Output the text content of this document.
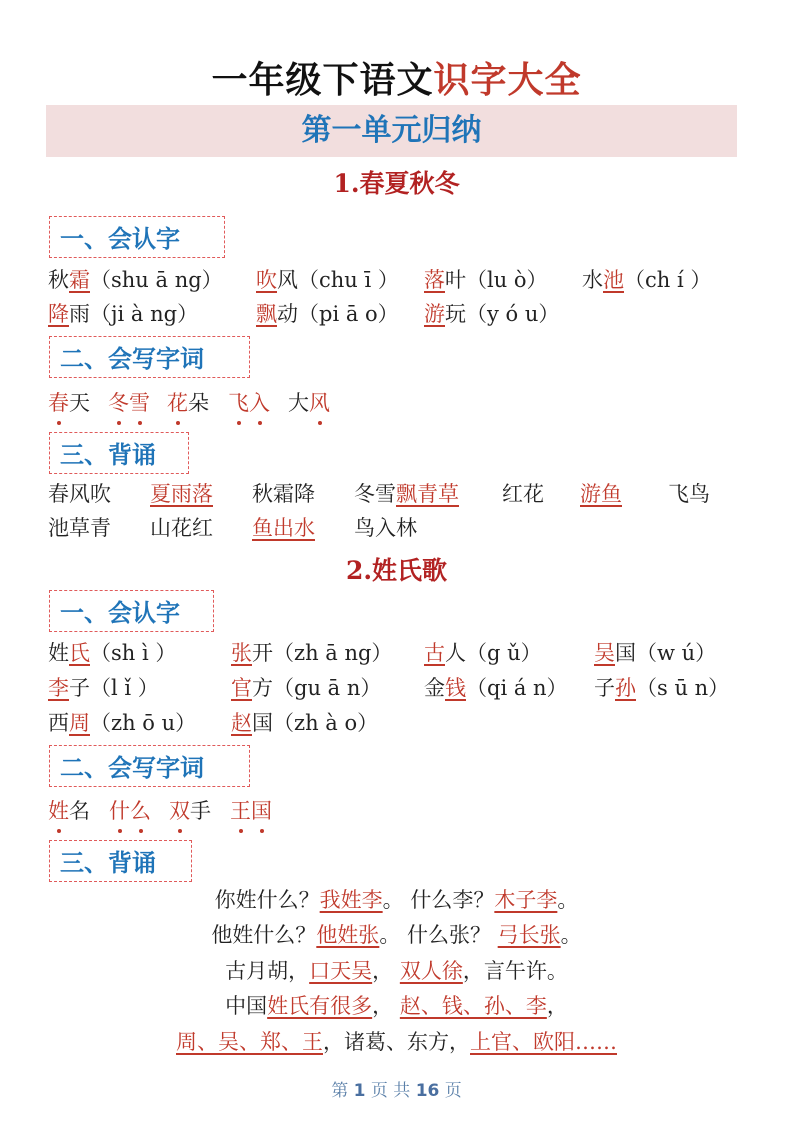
一年级下语文识字大全
第一单元归纳
1.春夏秋冬
一、会认字
秋霜（shu ā ng） 吹风（chu ī ） 落叶（lu ò） 水池（ch í ）
降雨（ji à ng）	飘动（pi ā o） 游玩（y ó u）
二、会写字词
春天 冬雪 花朵 飞入 大风
三、背诵
春风吹 夏雨落 秋霜降 冬雪飘青草 红花 游鱼 飞鸟
池草青 山花红 鱼出水 鸟入林
2.姓氏歌
一、会认字
姓氏（sh ì ）	张开（zh ā ng） 古人（g ǔ） 吴国（w ú）
李子（l ǐ ）	官方（gu ā n） 金钱（qi á n） 子孙（s ū n）
西周（zh ō u） 赵国（zh à o）
二、会写字词
姓名 什么 双手 王国
三、背诵
你姓什么？我姓李。 什么李？木子李。
他姓什么？他姓张。 什么张？ 弓长张。
古月胡，口天吴， 双人徐，言午许。
中国姓氏有很多， 赵、钱、孙、李，
周、吴、郑、王，诸葛、东方，上官、欧阳……
第 1 页 共 16 页
